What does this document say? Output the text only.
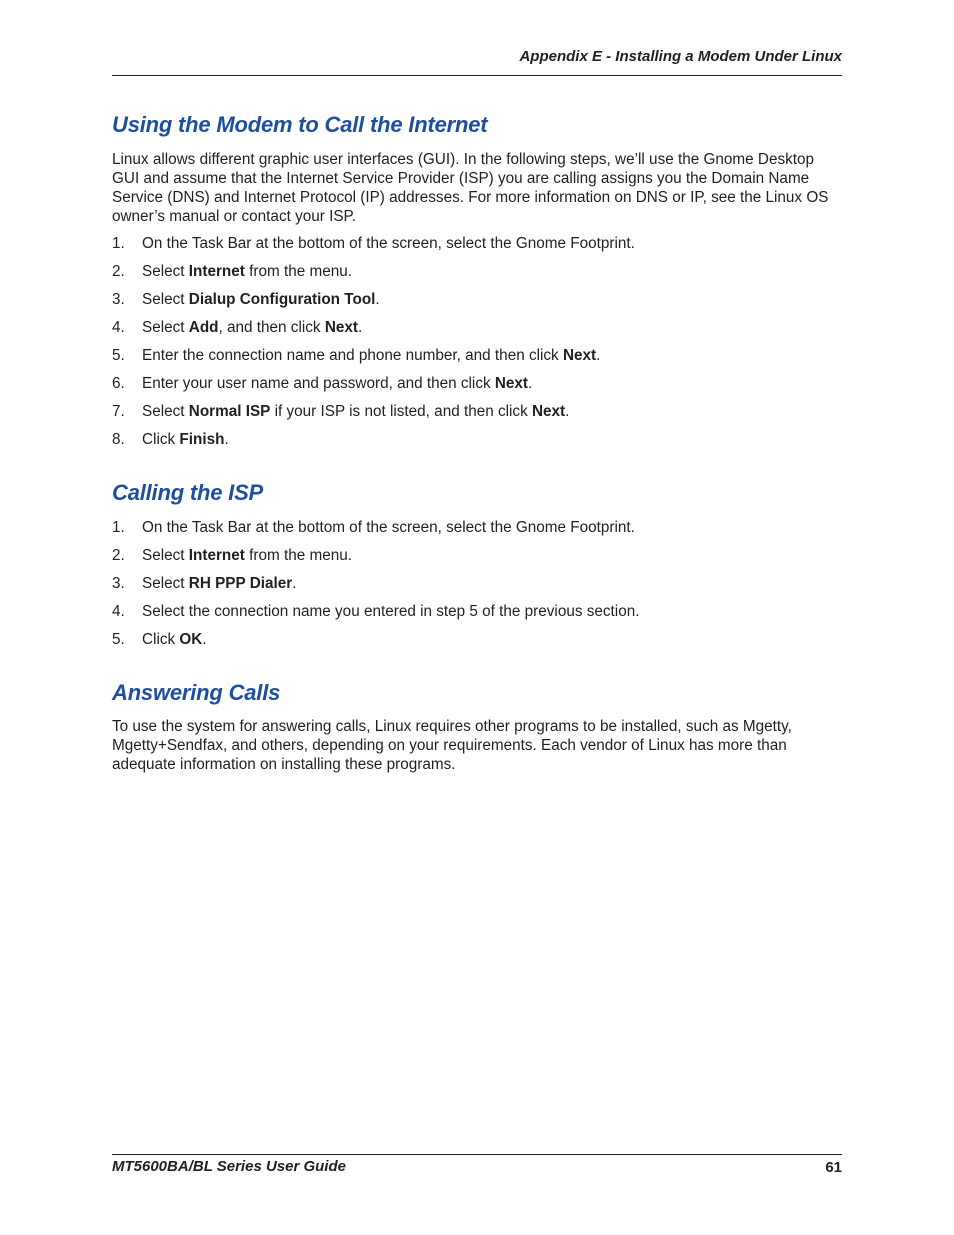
Appendix E - Installing a Modem Under Linux
Using the Modem to Call the Internet

Linux allows different graphic user interfaces (GUI). In the following steps, we’ll use the Gnome Desktop GUI and assume that the Internet Service Provider (ISP) you are calling assigns you the Domain Name Service (DNS) and Internet Protocol (IP) addresses. For more information on DNS or IP, see the Linux OS owner’s manual or contact your ISP.

1. On the Task Bar at the bottom of the screen, select the Gnome Footprint.
2. Select Internet from the menu.
3. Select Dialup Configuration Tool.
4. Select Add, and then click Next.
5. Enter the connection name and phone number, and then click Next.
6. Enter your user name and password, and then click Next.
7. Select Normal ISP if your ISP is not listed, and then click Next.
8. Click Finish.
Calling the ISP
1. On the Task Bar at the bottom of the screen, select the Gnome Footprint.
2. Select Internet from the menu.
3. Select RH PPP Dialer.
4. Select the connection name you entered in step 5 of the previous section.
5. Click OK.
Answering Calls

To use the system for answering calls, Linux requires other programs to be installed, such as Mgetty, Mgetty+Sendfax, and others, depending on your requirements. Each vendor of Linux has more than adequate information on installing these programs.

MT5600BA/BL Series User Guide	61
